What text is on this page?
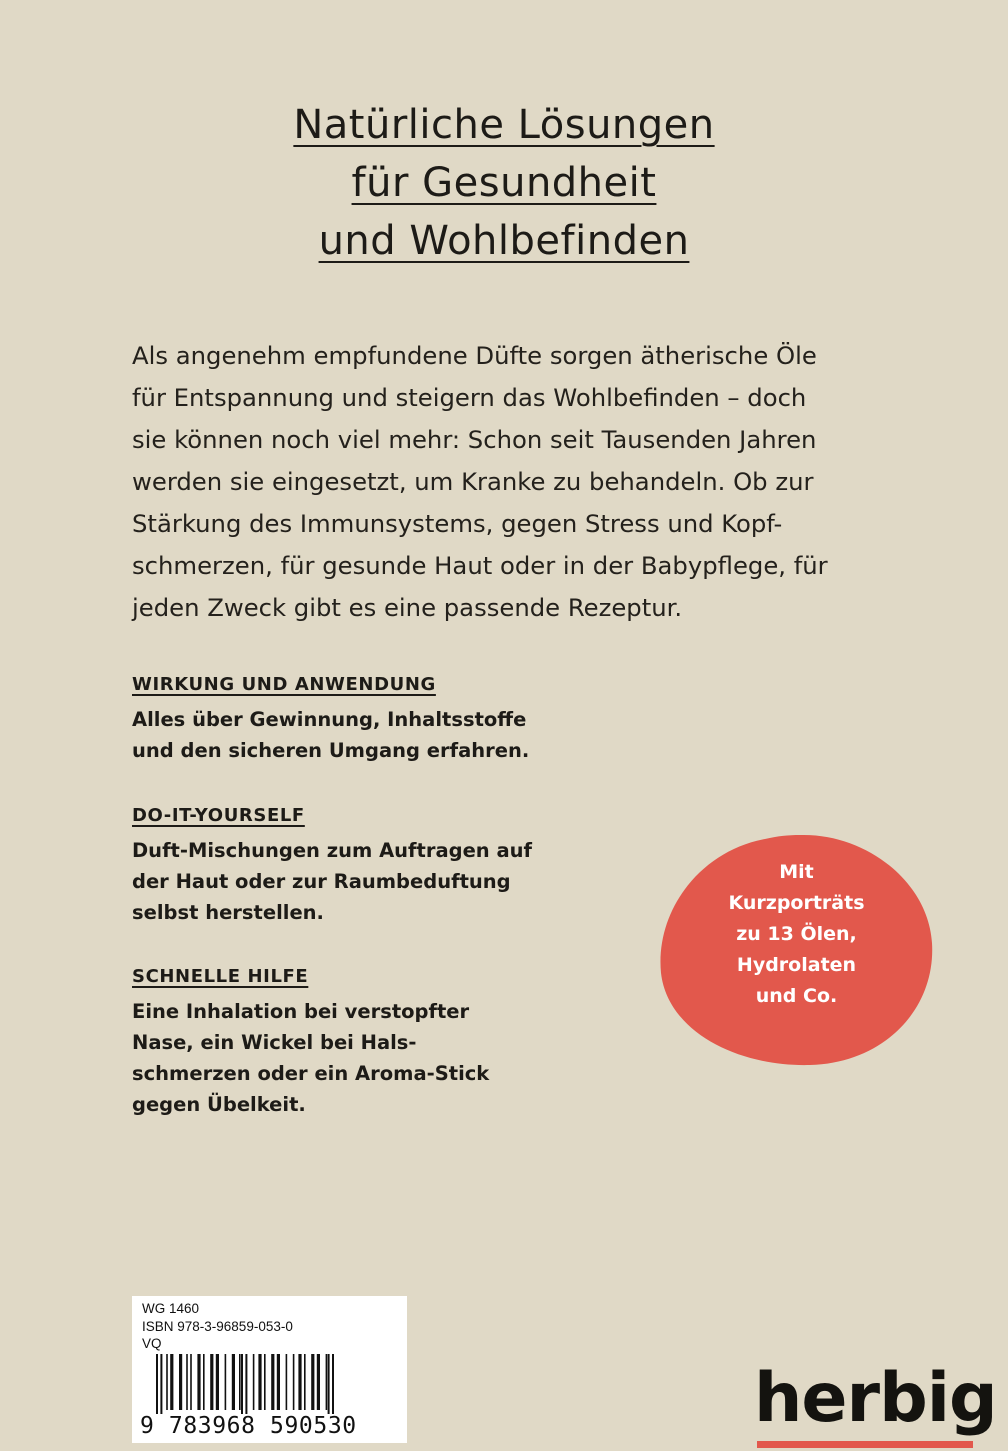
Natürliche Lösungen
für Gesundheit
und Wohlbefinden
Als angenehm empfundene Düfte sorgen ätherische Öle
für Entspannung und steigern das Wohlbefinden – doch
sie können noch viel mehr: Schon seit Tausenden Jahren
werden sie eingesetzt, um Kranke zu behandeln. Ob zur
Stärkung des Immunsystems, gegen Stress und Kopf-
schmerzen, für gesunde Haut oder in der Babypflege, für
jeden Zweck gibt es eine passende Rezeptur.
WIRKUNG UND ANWENDUNG
Alles über Gewinnung, Inhaltsstoffe
und den sicheren Umgang erfahren.
DO-IT-YOURSELF
Duft-Mischungen zum Auftragen auf
der Haut oder zur Raumbeduftung
selbst herstellen.
SCHNELLE HILFE
Eine Inhalation bei verstopfter
Nase, ein Wickel bei Hals-
schmerzen oder ein Aroma-Stick
gegen Übelkeit.
Mit
Kurzporträts
zu 13 Ölen,
Hydrolaten
und Co.
WG 1460
ISBN 978-3-96859-053-0
VQ
9 783968 590530	herbig
